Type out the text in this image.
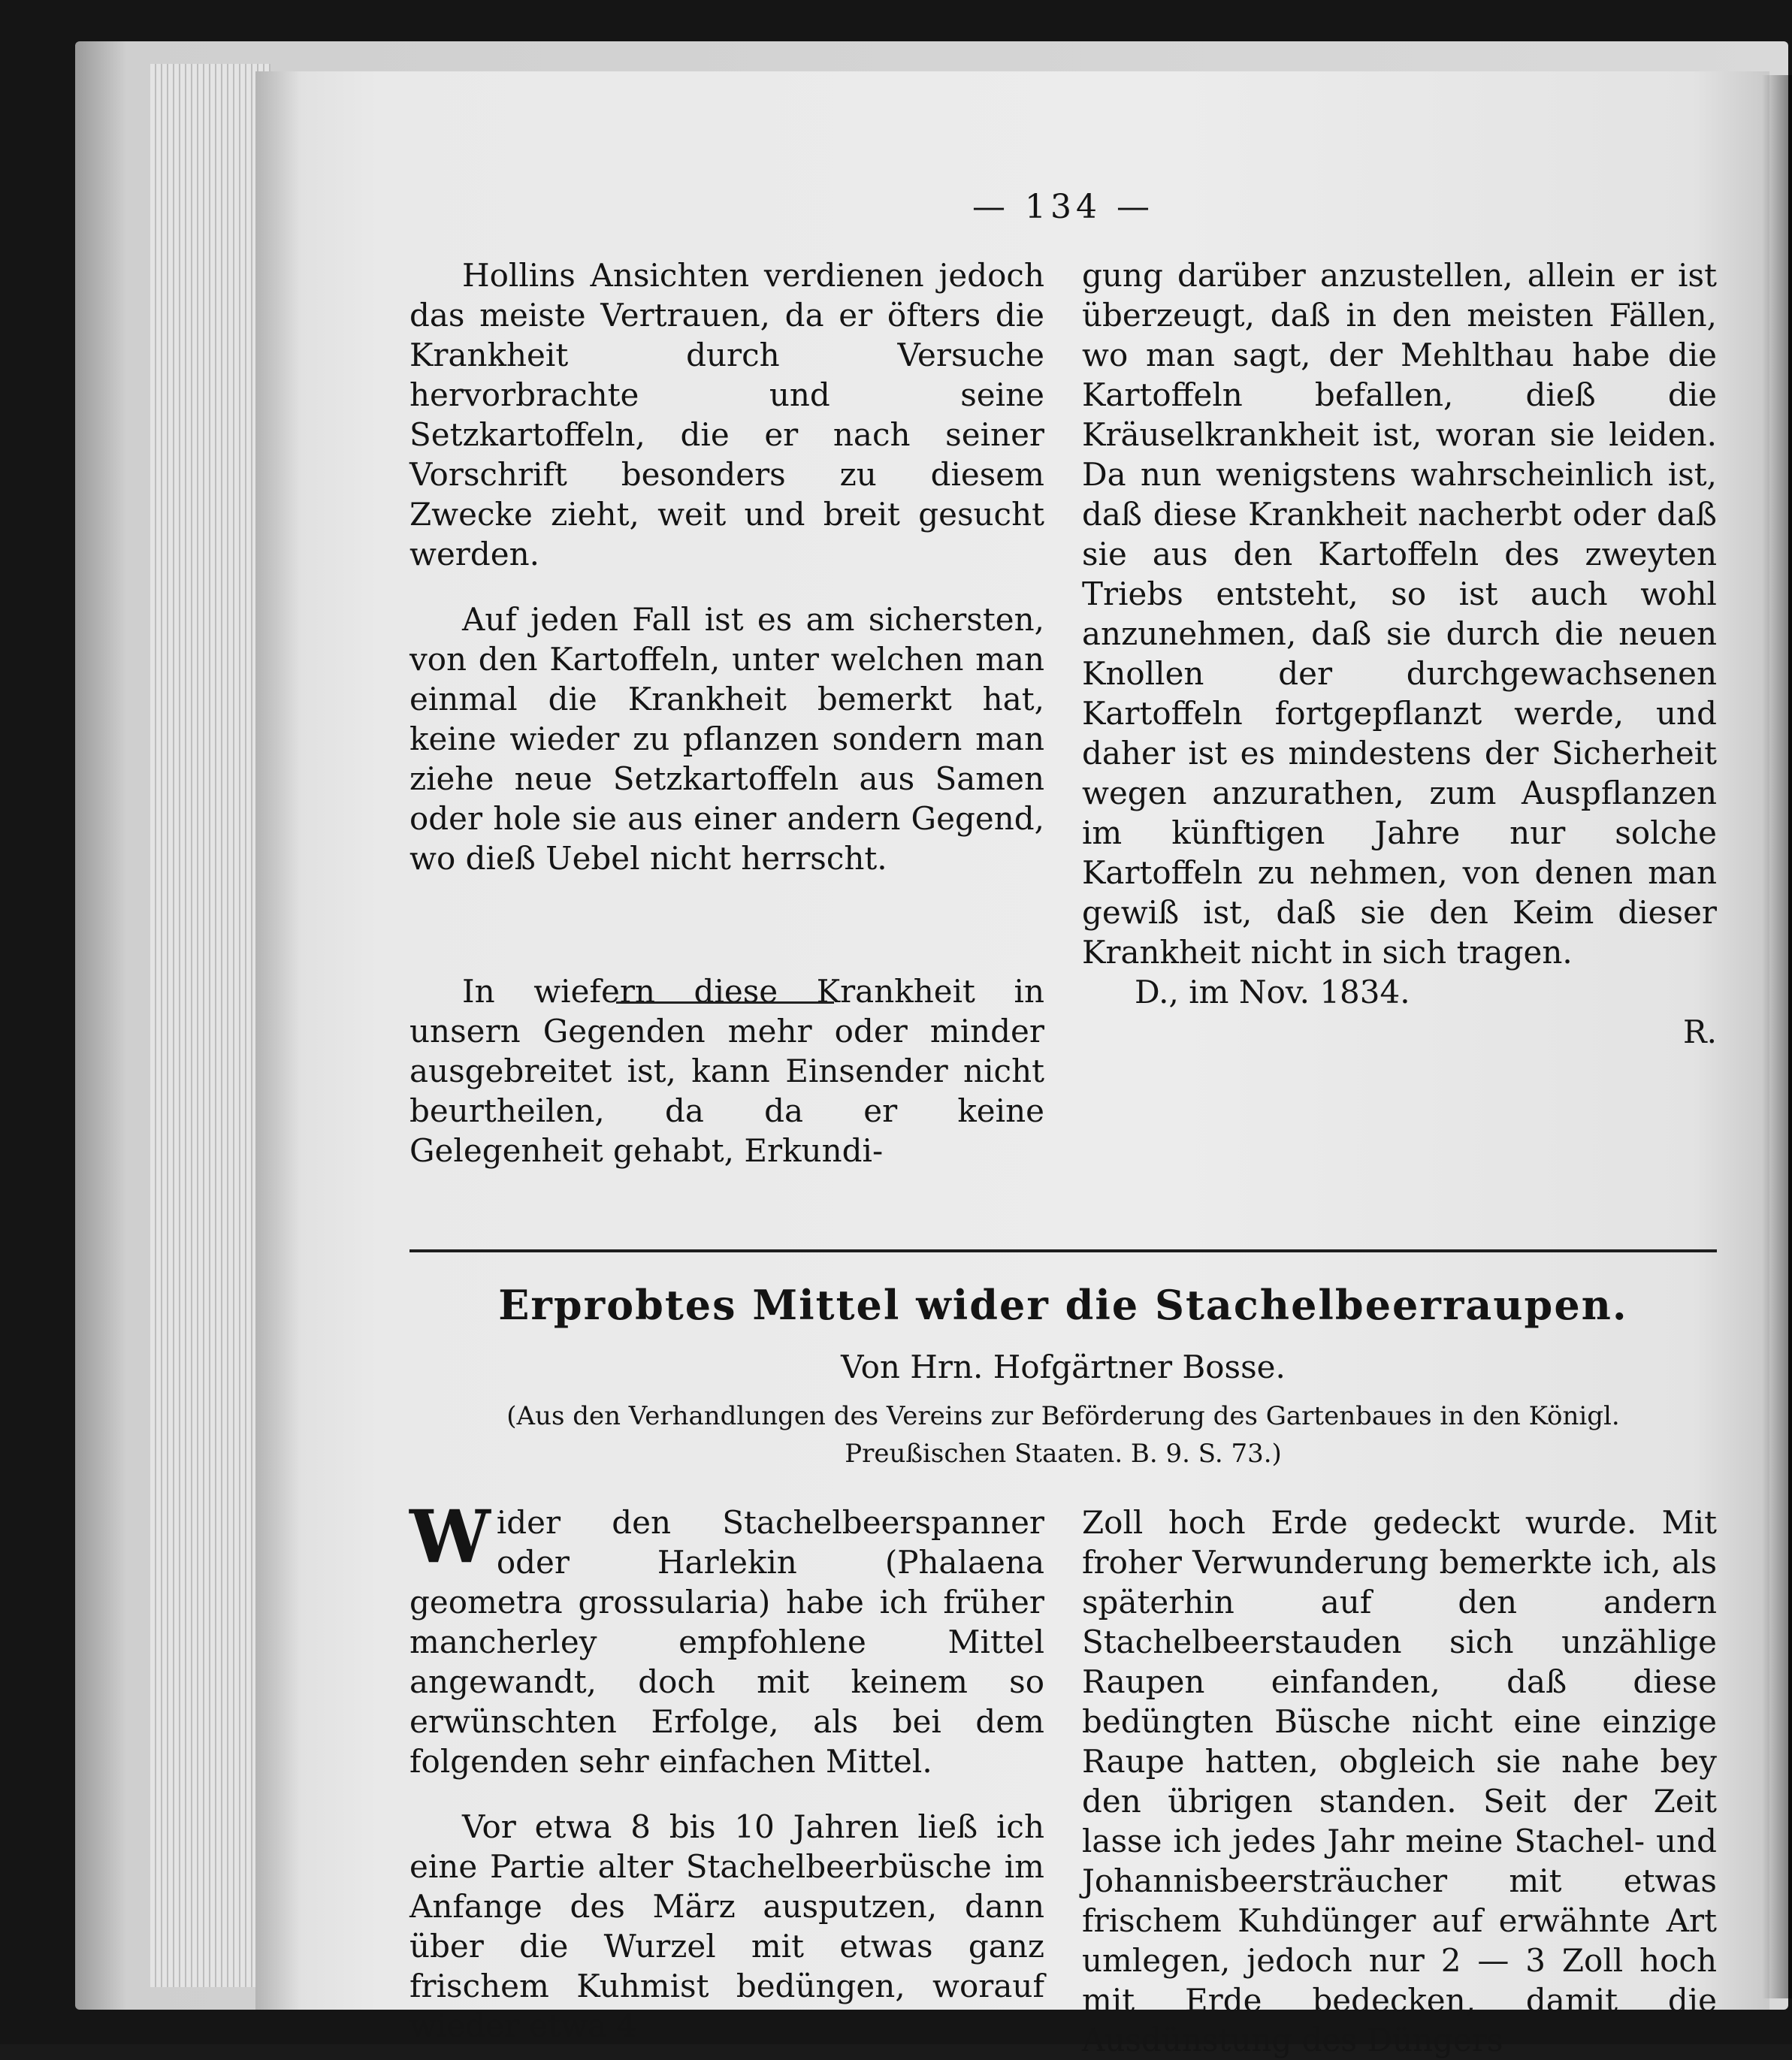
— 134 —

Hollins Ansichten verdienen jedoch das meiste Vertrauen, da er öfters die Krankheit durch Versuche hervorbrachte und seine Setzkartoffeln, die er nach seiner Vorschrift besonders zu diesem Zwecke zieht, weit und breit gesucht werden.

Auf jeden Fall ist es am sichersten, von den Kartoffeln, unter welchen man einmal die Krankheit bemerkt hat, keine wieder zu pflanzen sondern man ziehe neue Setzkartoffeln aus Samen oder hole sie aus einer andern Gegend, wo dieß Uebel nicht herrscht.

In wiefern diese Krankheit in unsern Gegenden mehr oder minder ausgebreitet ist, kann Einsender nicht beurtheilen, da da er keine Gelegenheit gehabt, Erkundi-

gung darüber anzustellen, allein er ist überzeugt, daß in den meisten Fällen, wo man sagt, der Mehlthau habe die Kartoffeln befallen, dieß die Kräuselkrankheit ist, woran sie leiden. Da nun wenigstens wahrscheinlich ist, daß diese Krankheit nacherbt oder daß sie aus den Kartoffeln des zweyten Triebs entsteht, so ist auch wohl anzunehmen, daß sie durch die neuen Knollen der durchgewachsenen Kartoffeln fortgepflanzt werde, und daher ist es mindestens der Sicherheit wegen anzurathen, zum Auspflanzen im künftigen Jahre nur solche Kartoffeln zu nehmen, von denen man gewiß ist, daß sie den Keim dieser Krankheit nicht in sich tragen.

D., im Nov. 1834.

R.

Erprobtes Mittel wider die Stachelbeerraupen.
Von Hrn. Hofgärtner Bosse.
(Aus den Verhandlungen des Vereins zur Beförderung des Gartenbaues in den Königl. Preußischen Staaten. B. 9. S. 73.)

Wider den Stachelbeerspanner oder Harlekin (Phalaena geometra grossularia) habe ich früher mancherley empfohlene Mittel angewandt, doch mit keinem so erwünschten Erfolge, als bei dem folgenden sehr einfachen Mittel.

Vor etwa 8 bis 10 Jahren ließ ich eine Partie alter Stachelbeerbüsche im Anfange des März ausputzen, dann über die Wurzel mit etwas ganz frischem Kuhmist bedüngen, worauf wieder etwa 4

Zoll hoch Erde gedeckt wurde. Mit froher Verwunderung bemerkte ich, als späterhin auf den andern Stachelbeerstauden sich unzählige Raupen einfanden, daß diese bedüngten Büsche nicht eine einzige Raupe hatten, obgleich sie nahe bey den übrigen standen. Seit der Zeit lasse ich jedes Jahr meine Stachel- und Johannisbeersträucher mit etwas frischem Kuhdünger auf erwähnte Art umlegen, jedoch nur 2 — 3 Zoll hoch mit Erde bedecken, damit die Ausdünstung des Düngers
